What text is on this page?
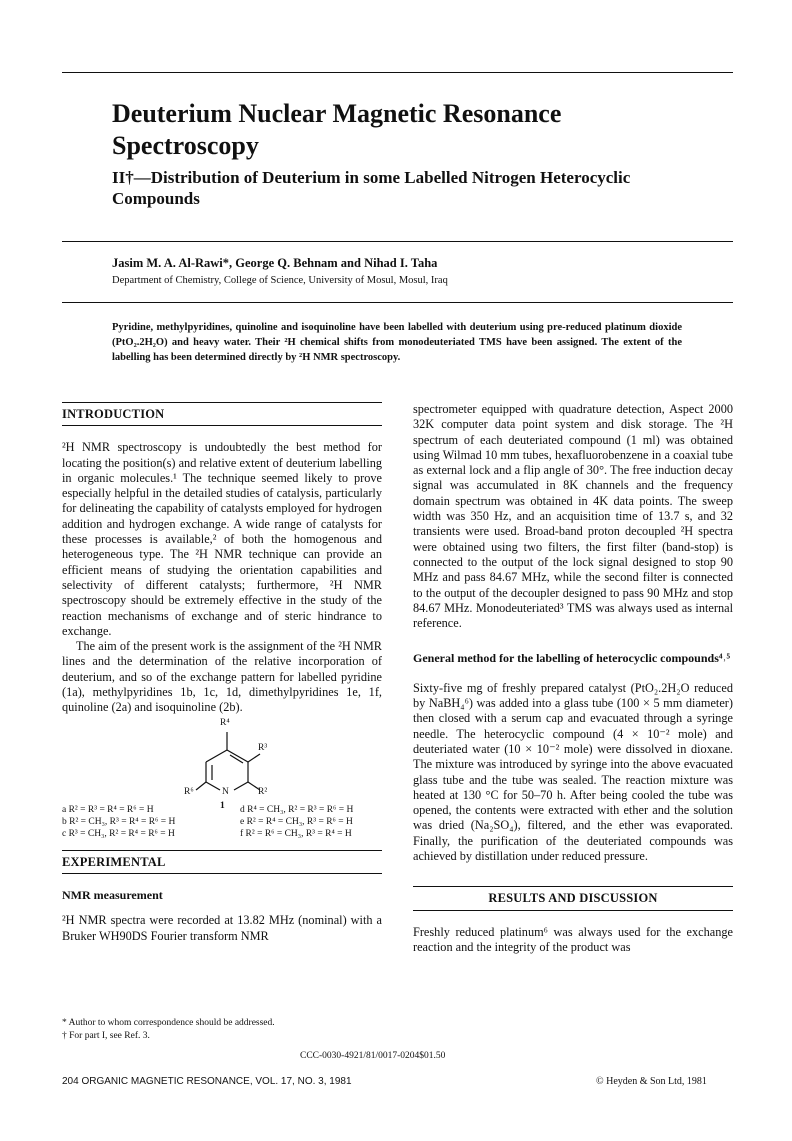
Deuterium Nuclear Magnetic Resonance Spectroscopy
II†—Distribution of Deuterium in some Labelled Nitrogen Heterocyclic Compounds
Jasim M. A. Al-Rawi*, George Q. Behnam and Nihad I. Taha
Department of Chemistry, College of Science, University of Mosul, Mosul, Iraq
Pyridine, methylpyridines, quinoline and isoquinoline have been labelled with deuterium using pre-reduced platinum dioxide (PtO₂.2H₂O) and heavy water. Their ²H chemical shifts from monodeuteriated TMS have been assigned. The extent of the labelling has been determined directly by ²H NMR spectroscopy.
INTRODUCTION

²H NMR spectroscopy is undoubtedly the best method for locating the position(s) and relative extent of deuterium labelling in organic molecules.¹ The technique seemed likely to prove especially helpful in the detailed studies of catalysis, particularly for delineating the capability of catalysts employed for hydrogen addition and hydrogen exchange. A wide range of catalysts for these processes is available,² of both the homogenous and heterogeneous type. The ²H NMR technique can provide an efficient means of studying the orientation capabilities and selectivity of different catalysts; furthermore, ²H NMR spectroscopy should be extremely effective in the study of the reaction mechanisms of exchange and of steric hindrance to exchange.

The aim of the present work is the assignment of the ²H NMR lines and the determination of the relative incorporation of deuterium, and so of the exchange pattern for labelled pyridine (1a), methylpyridines 1b, 1c, 1d, dimethylpyridines 1e, 1f, quinoline (2a) and isoquinoline (2b).

R⁴
R³
R⁶	N	R²
1
a R² = R³ = R⁴ = R⁶ = H
b R² = CH₃, R³ = R⁴ = R⁶ = H
c R³ = CH₃, R² = R⁴ = R⁶ = H
d R⁴ = CH₃, R² = R³ = R⁶ = H
e R² = R⁴ = CH₃, R³ = R⁶ = H
f R² = R⁶ = CH₃, R³ = R⁴ = H
EXPERIMENTAL
NMR measurement

²H NMR spectra were recorded at 13.82 MHz (nominal) with a Bruker WH90DS Fourier transform NMR

spectrometer equipped with quadrature detection, Aspect 2000 32K computer data point system and disk storage. The ²H spectrum of each deuteriated compound (1 ml) was obtained using Wilmad 10 mm tubes, hexafluorobenzene in a coaxial tube as external lock and a flip angle of 30°. The free induction decay signal was accumulated in 8K channels and the frequency domain spectrum was obtained in 4K data points. The sweep width was 350 Hz, and an acquisition time of 13.7 s, and 32 transients were used. Broad-band proton decoupled ²H spectra were obtained using two filters, the first filter (band-stop) is connected to the output of the lock signal designed to stop 90 MHz and pass 84.67 MHz, while the second filter is connected to the output of the decoupler designed to pass 90 MHz and stop 84.67 MHz. Monodeuteriated³ TMS was always used as internal reference.

General method for the labelling of heterocyclic compounds⁴˒⁵

Sixty-five mg of freshly prepared catalyst (PtO₂.2H₂O reduced by NaBH₄⁶) was added into a glass tube (100 × 5 mm diameter) then closed with a serum cap and evacuated through a syringe needle. The heterocyclic compound (4 × 10⁻² mole) and deuteriated water (10 × 10⁻² mole) were dissolved in dioxane. The mixture was introduced by syringe into the above evacuated glass tube and the tube was sealed. The reaction mixture was heated at 130 °C for 50–70 h. After being cooled the tube was opened, the contents were extracted with ether and the solution was dried (Na₂SO₄), filtered, and the ether was evaporated. Finally, the purification of the deuteriated compounds was achieved by distillation under reduced pressure.

RESULTS AND DISCUSSION

Freshly reduced platinum⁶ was always used for the exchange reaction and the integrity of the product was

* Author to whom correspondence should be addressed.
† For part I, see Ref. 3.
CCC-0030-4921/81/0017-0204$01.50
204 ORGANIC MAGNETIC RESONANCE, VOL. 17, NO. 3, 1981	© Heyden & Son Ltd, 1981
